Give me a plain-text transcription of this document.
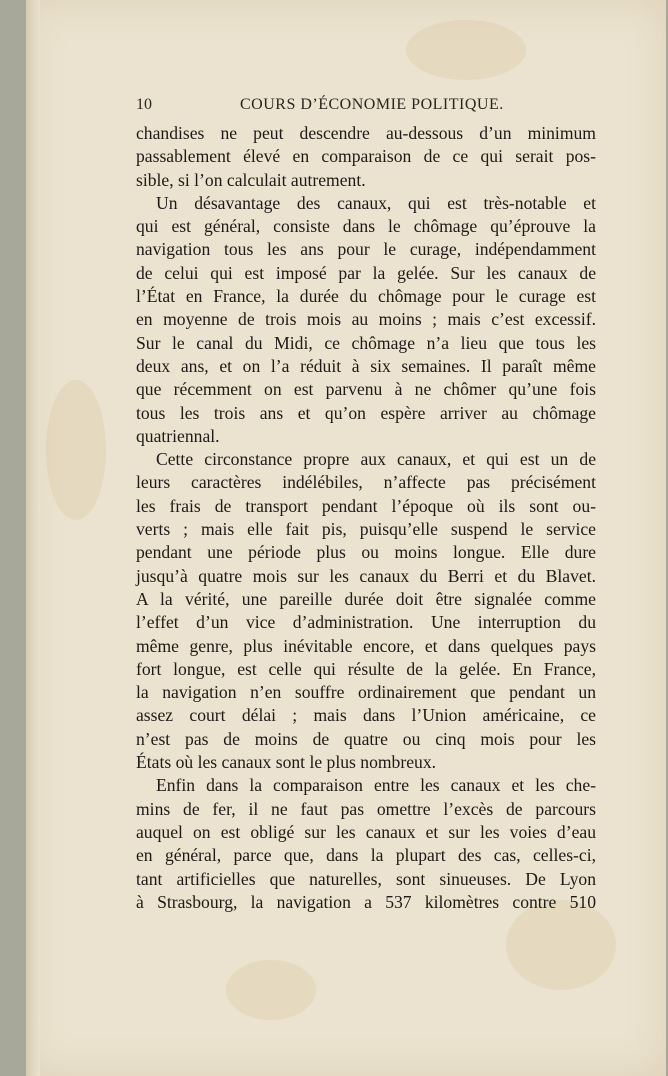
10	COURS D’ÉCONOMIE POLITIQUE.
chandises ne peut descendre au-dessous d’un minimum
passablement élevé en comparaison de ce qui serait pos-
sible, si l’on calculait autrement.
Un désavantage des canaux, qui est très-notable et
qui est général, consiste dans le chômage qu’éprouve la
navigation tous les ans pour le curage, indépendamment
de celui qui est imposé par la gelée. Sur les canaux de
l’État en France, la durée du chômage pour le curage est
en moyenne de trois mois au moins ; mais c’est excessif.
Sur le canal du Midi, ce chômage n’a lieu que tous les
deux ans, et on l’a réduit à six semaines. Il paraît même
que récemment on est parvenu à ne chômer qu’une fois
tous les trois ans et qu’on espère arriver au chômage
quatriennal.
Cette circonstance propre aux canaux, et qui est un de
leurs caractères indélébiles, n’affecte pas précisément
les frais de transport pendant l’époque où ils sont ou-
verts ; mais elle fait pis, puisqu’elle suspend le service
pendant une période plus ou moins longue. Elle dure
jusqu’à quatre mois sur les canaux du Berri et du Blavet.
A la vérité, une pareille durée doit être signalée comme
l’effet d’un vice d’administration. Une interruption du
même genre, plus inévitable encore, et dans quelques pays
fort longue, est celle qui résulte de la gelée. En France,
la navigation n’en souffre ordinairement que pendant un
assez court délai ; mais dans l’Union américaine, ce
n’est pas de moins de quatre ou cinq mois pour les
États où les canaux sont le plus nombreux.
Enfin dans la comparaison entre les canaux et les che-
mins de fer, il ne faut pas omettre l’excès de parcours
auquel on est obligé sur les canaux et sur les voies d’eau
en général, parce que, dans la plupart des cas, celles-ci,
tant artificielles que naturelles, sont sinueuses. De Lyon
à Strasbourg, la navigation a 537 kilomètres contre 510
